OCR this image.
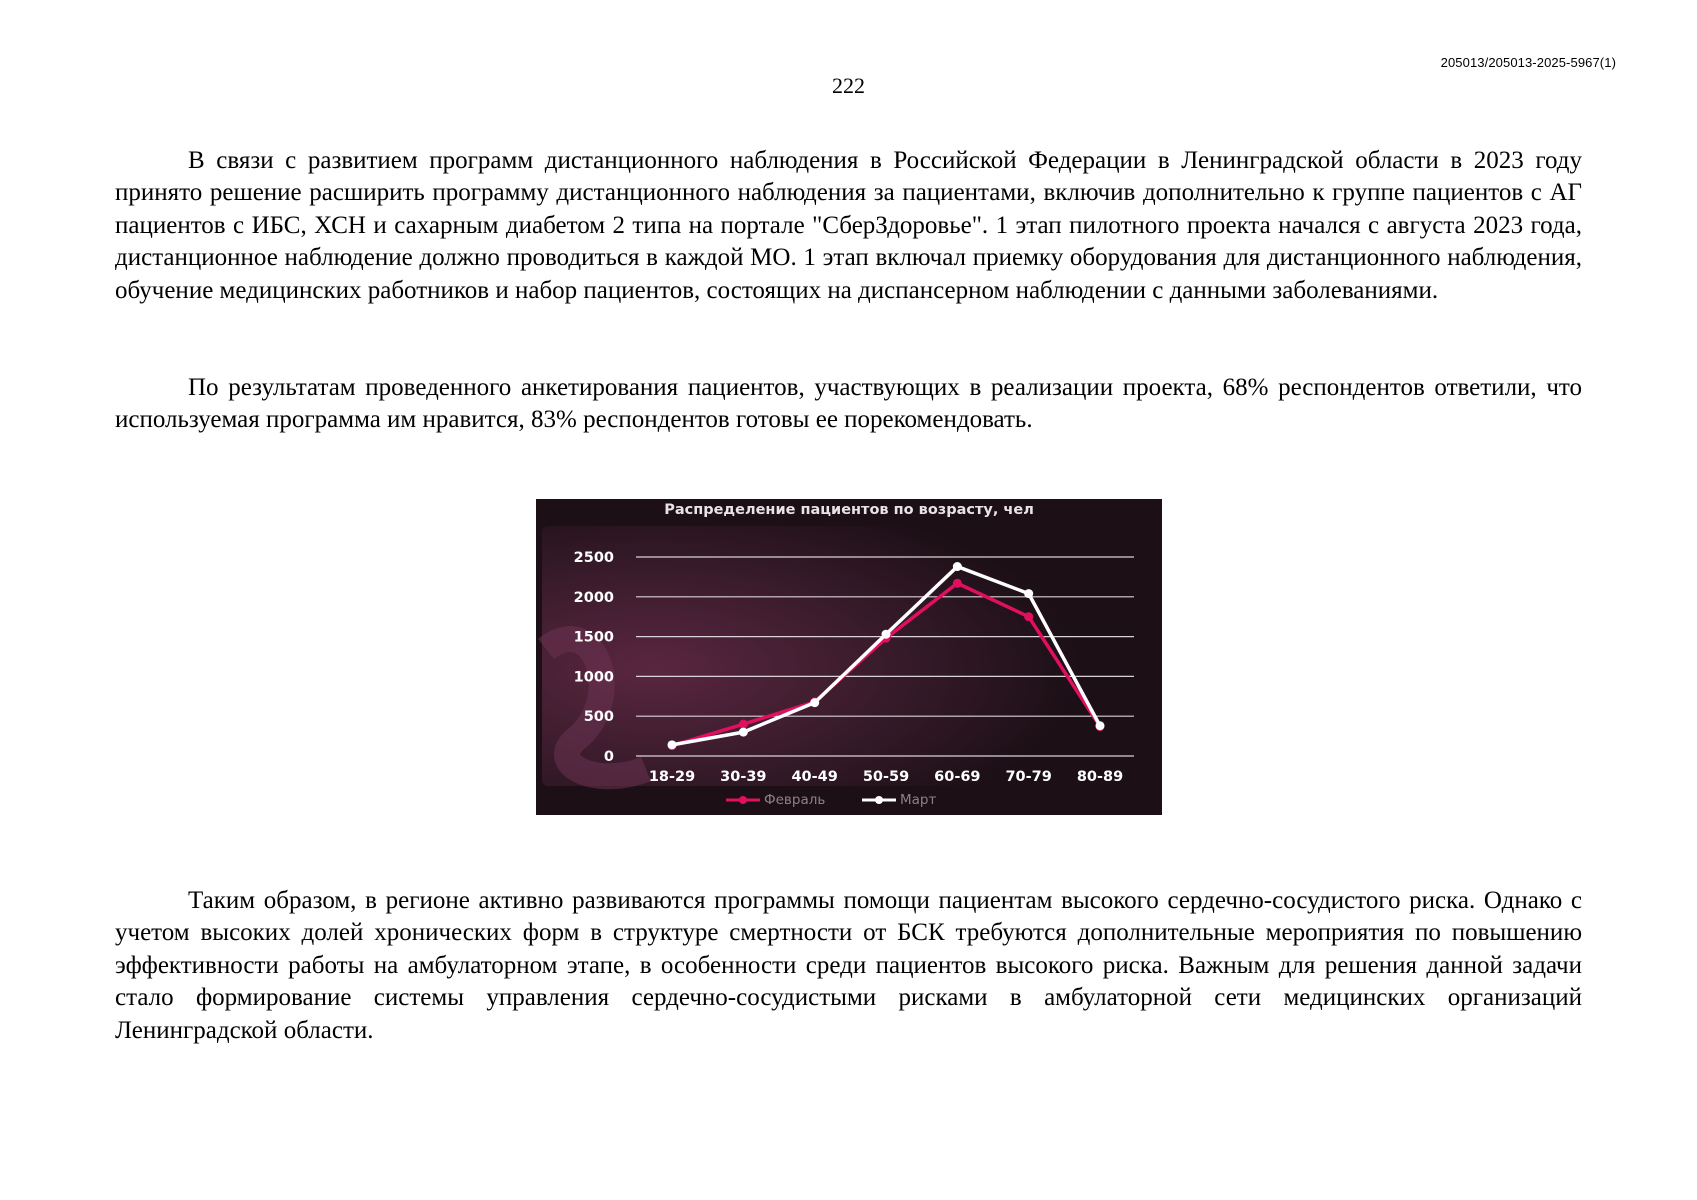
205013/205013-2025-5967(1)
222

В связи с развитием программ дистанционного наблюдения в Российской Федерации в Ленинградской области в 2023 году принято решение расширить программу дистанционного наблюдения за пациентами, включив дополнительно к группе пациентов с АГ пациентов с ИБС, ХСН и сахарным диабетом 2 типа на портале "СберЗдоровье". 1 этап пилотного проекта начался с августа 2023 года, дистанционное наблюдение должно проводиться в каждой МО. 1 этап включал приемку оборудования для дистанционного наблюдения, обучение медицинских работников и набор пациентов, состоящих на диспансерном наблюдении с данными заболеваниями.

По результатам проведенного анкетирования пациентов, участвующих в реализации проекта, 68% респондентов ответили, что используемая программа им нравится, 83% респондентов готовы ее порекомендовать.

Распределение пациентов по возрасту, чел
0
500
1000
1500
2000
2500
18-29 30-39 40-49 50-59 60-69 70-79 80-89
Февраль	Март

Таким образом, в регионе активно развиваются программы помощи пациентам высокого сердечно-сосудистого риска. Однако с учетом высоких долей хронических форм в структуре смертности от БСК требуются дополнительные мероприятия по повышению эффективности работы на амбулаторном этапе, в особенности среди пациентов высокого риска. Важным для решения данной задачи стало формирование системы управления сердечно-сосудистыми рисками в амбулаторной сети медицинских организаций Ленинградской области.
